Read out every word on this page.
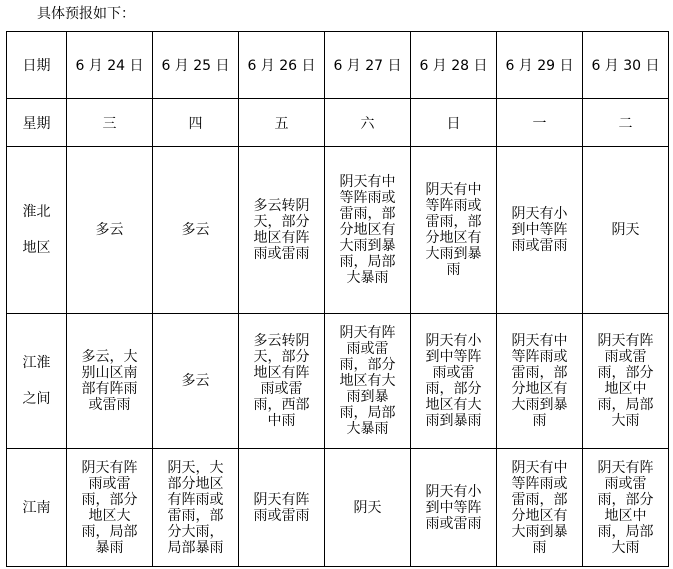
具体预报如下：

日期	6 月 24 日	6 月 25 日	6 月 26 日	6 月 27 日	6 月 28 日	6 月 29 日	6 月 30 日
星期	三	四	五	六	日	一	二
淮北地区	多云	多云	多云转阴天，部分地区有阵雨或雷雨	阴天有中等阵雨或雷雨，部分地区有大雨到暴雨，局部大暴雨	阴天有中等阵雨或雷雨，部分地区有大雨到暴雨	阴天有小到中等阵雨或雷雨	阴天
江淮之间	多云，大别山区南部有阵雨或雷雨	多云	多云转阴天，部分地区有阵雨或雷雨，西部中雨	阴天有阵雨或雷雨，部分地区有大雨到暴雨，局部大暴雨	阴天有小到中等阵雨或雷雨，部分地区有大雨到暴雨	阴天有中等阵雨或雷雨，部分地区有大雨到暴雨	阴天有阵雨或雷雨，部分地区中雨，局部大雨
江南	阴天有阵雨或雷雨，部分地区大雨，局部暴雨	阴天，大部分地区有阵雨或雷雨，部分大雨，局部暴雨	阴天有阵雨或雷雨	阴天	阴天有小到中等阵雨或雷雨	阴天有中等阵雨或雷雨，部分地区有大雨到暴雨	阴天有阵雨或雷雨，部分地区中雨，局部大雨
